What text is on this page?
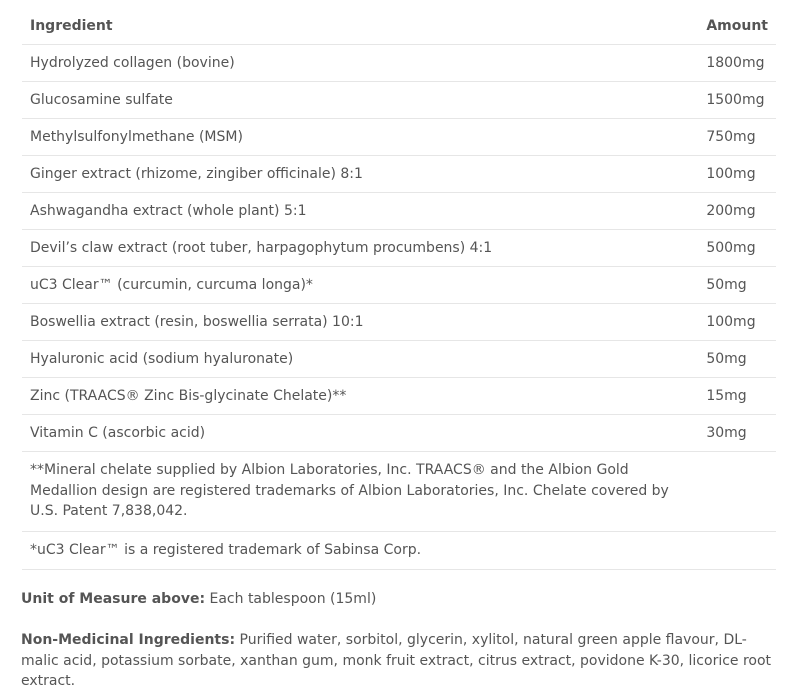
Ingredient	Amount
Hydrolyzed collagen (bovine)	1800mg
Glucosamine sulfate	1500mg
Methylsulfonylmethane (MSM)	750mg
Ginger extract (rhizome, zingiber officinale) 8:1	100mg
Ashwagandha extract (whole plant) 5:1	200mg
Devil’s claw extract (root tuber, harpagophytum procumbens) 4:1	500mg
uC3 Clear™ (curcumin, curcuma longa)*	50mg
Boswellia extract (resin, boswellia serrata) 10:1	100mg
Hyaluronic acid (sodium hyaluronate)	50mg
Zinc (TRAACS® Zinc Bis-glycinate Chelate)**	15mg
Vitamin C (ascorbic acid)	30mg
**Mineral chelate supplied by Albion Laboratories, Inc. TRAACS® and the Albion Gold Medallion design are registered trademarks of Albion Laboratories, Inc. Chelate covered by U.S. Patent 7,838,042.	
*uC3 Clear™ is a registered trademark of Sabinsa Corp.	

Unit of Measure above: Each tablespoon (15ml)

Non-Medicinal Ingredients: Purified water, sorbitol, glycerin, xylitol, natural green apple flavour, DL-malic acid, potassium sorbate, xanthan gum, monk fruit extract, citrus extract, povidone K-30, licorice root extract.
